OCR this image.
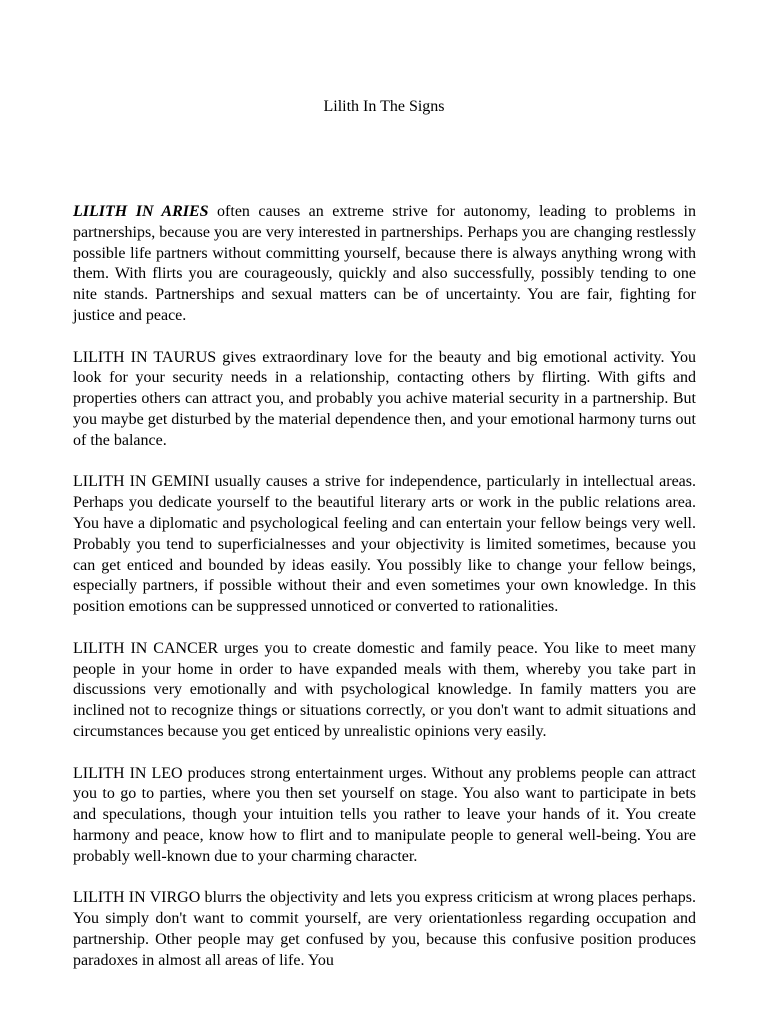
Lilith In The Signs

LILITH IN ARIES often causes an extreme strive for autonomy, leading to problems in partnerships, because you are very interested in partnerships. Perhaps you are changing restlessly possible life partners without committing yourself, because there is always anything wrong with them. With flirts you are courageously, quickly and also successfully, possibly tending to one nite stands. Partnerships and sexual matters can be of uncertainty. You are fair, fighting for justice and peace.

LILITH IN TAURUS gives extraordinary love for the beauty and big emotional activity. You look for your security needs in a relationship, contacting others by flirting. With gifts and properties others can attract you, and probably you achive material security in a partnership. But you maybe get disturbed by the material dependence then, and your emotional harmony turns out of the balance.

LILITH IN GEMINI usually causes a strive for independence, particularly in intellectual areas. Perhaps you dedicate yourself to the beautiful literary arts or work in the public relations area. You have a diplomatic and psychological feeling and can entertain your fellow beings very well. Probably you tend to superficialnesses and your objectivity is limited sometimes, because you can get enticed and bounded by ideas easily. You possibly like to change your fellow beings, especially partners, if possible without their and even sometimes your own knowledge. In this position emotions can be suppressed unnoticed or converted to rationalities.

LILITH IN CANCER urges you to create domestic and family peace. You like to meet many people in your home in order to have expanded meals with them, whereby you take part in discussions very emotionally and with psychological knowledge. In family matters you are inclined not to recognize things or situations correctly, or you don't want to admit situations and circumstances because you get enticed by unrealistic opinions very easily.

LILITH IN LEO produces strong entertainment urges. Without any problems people can attract you to go to parties, where you then set yourself on stage. You also want to participate in bets and speculations, though your intuition tells you rather to leave your hands of it. You create harmony and peace, know how to flirt and to manipulate people to general well-being. You are probably well-known due to your charming character.

LILITH IN VIRGO blurrs the objectivity and lets you express criticism at wrong places perhaps. You simply don't want to commit yourself, are very orientationless regarding occupation and partnership. Other people may get confused by you, because this confusive position produces paradoxes in almost all areas of life. You
